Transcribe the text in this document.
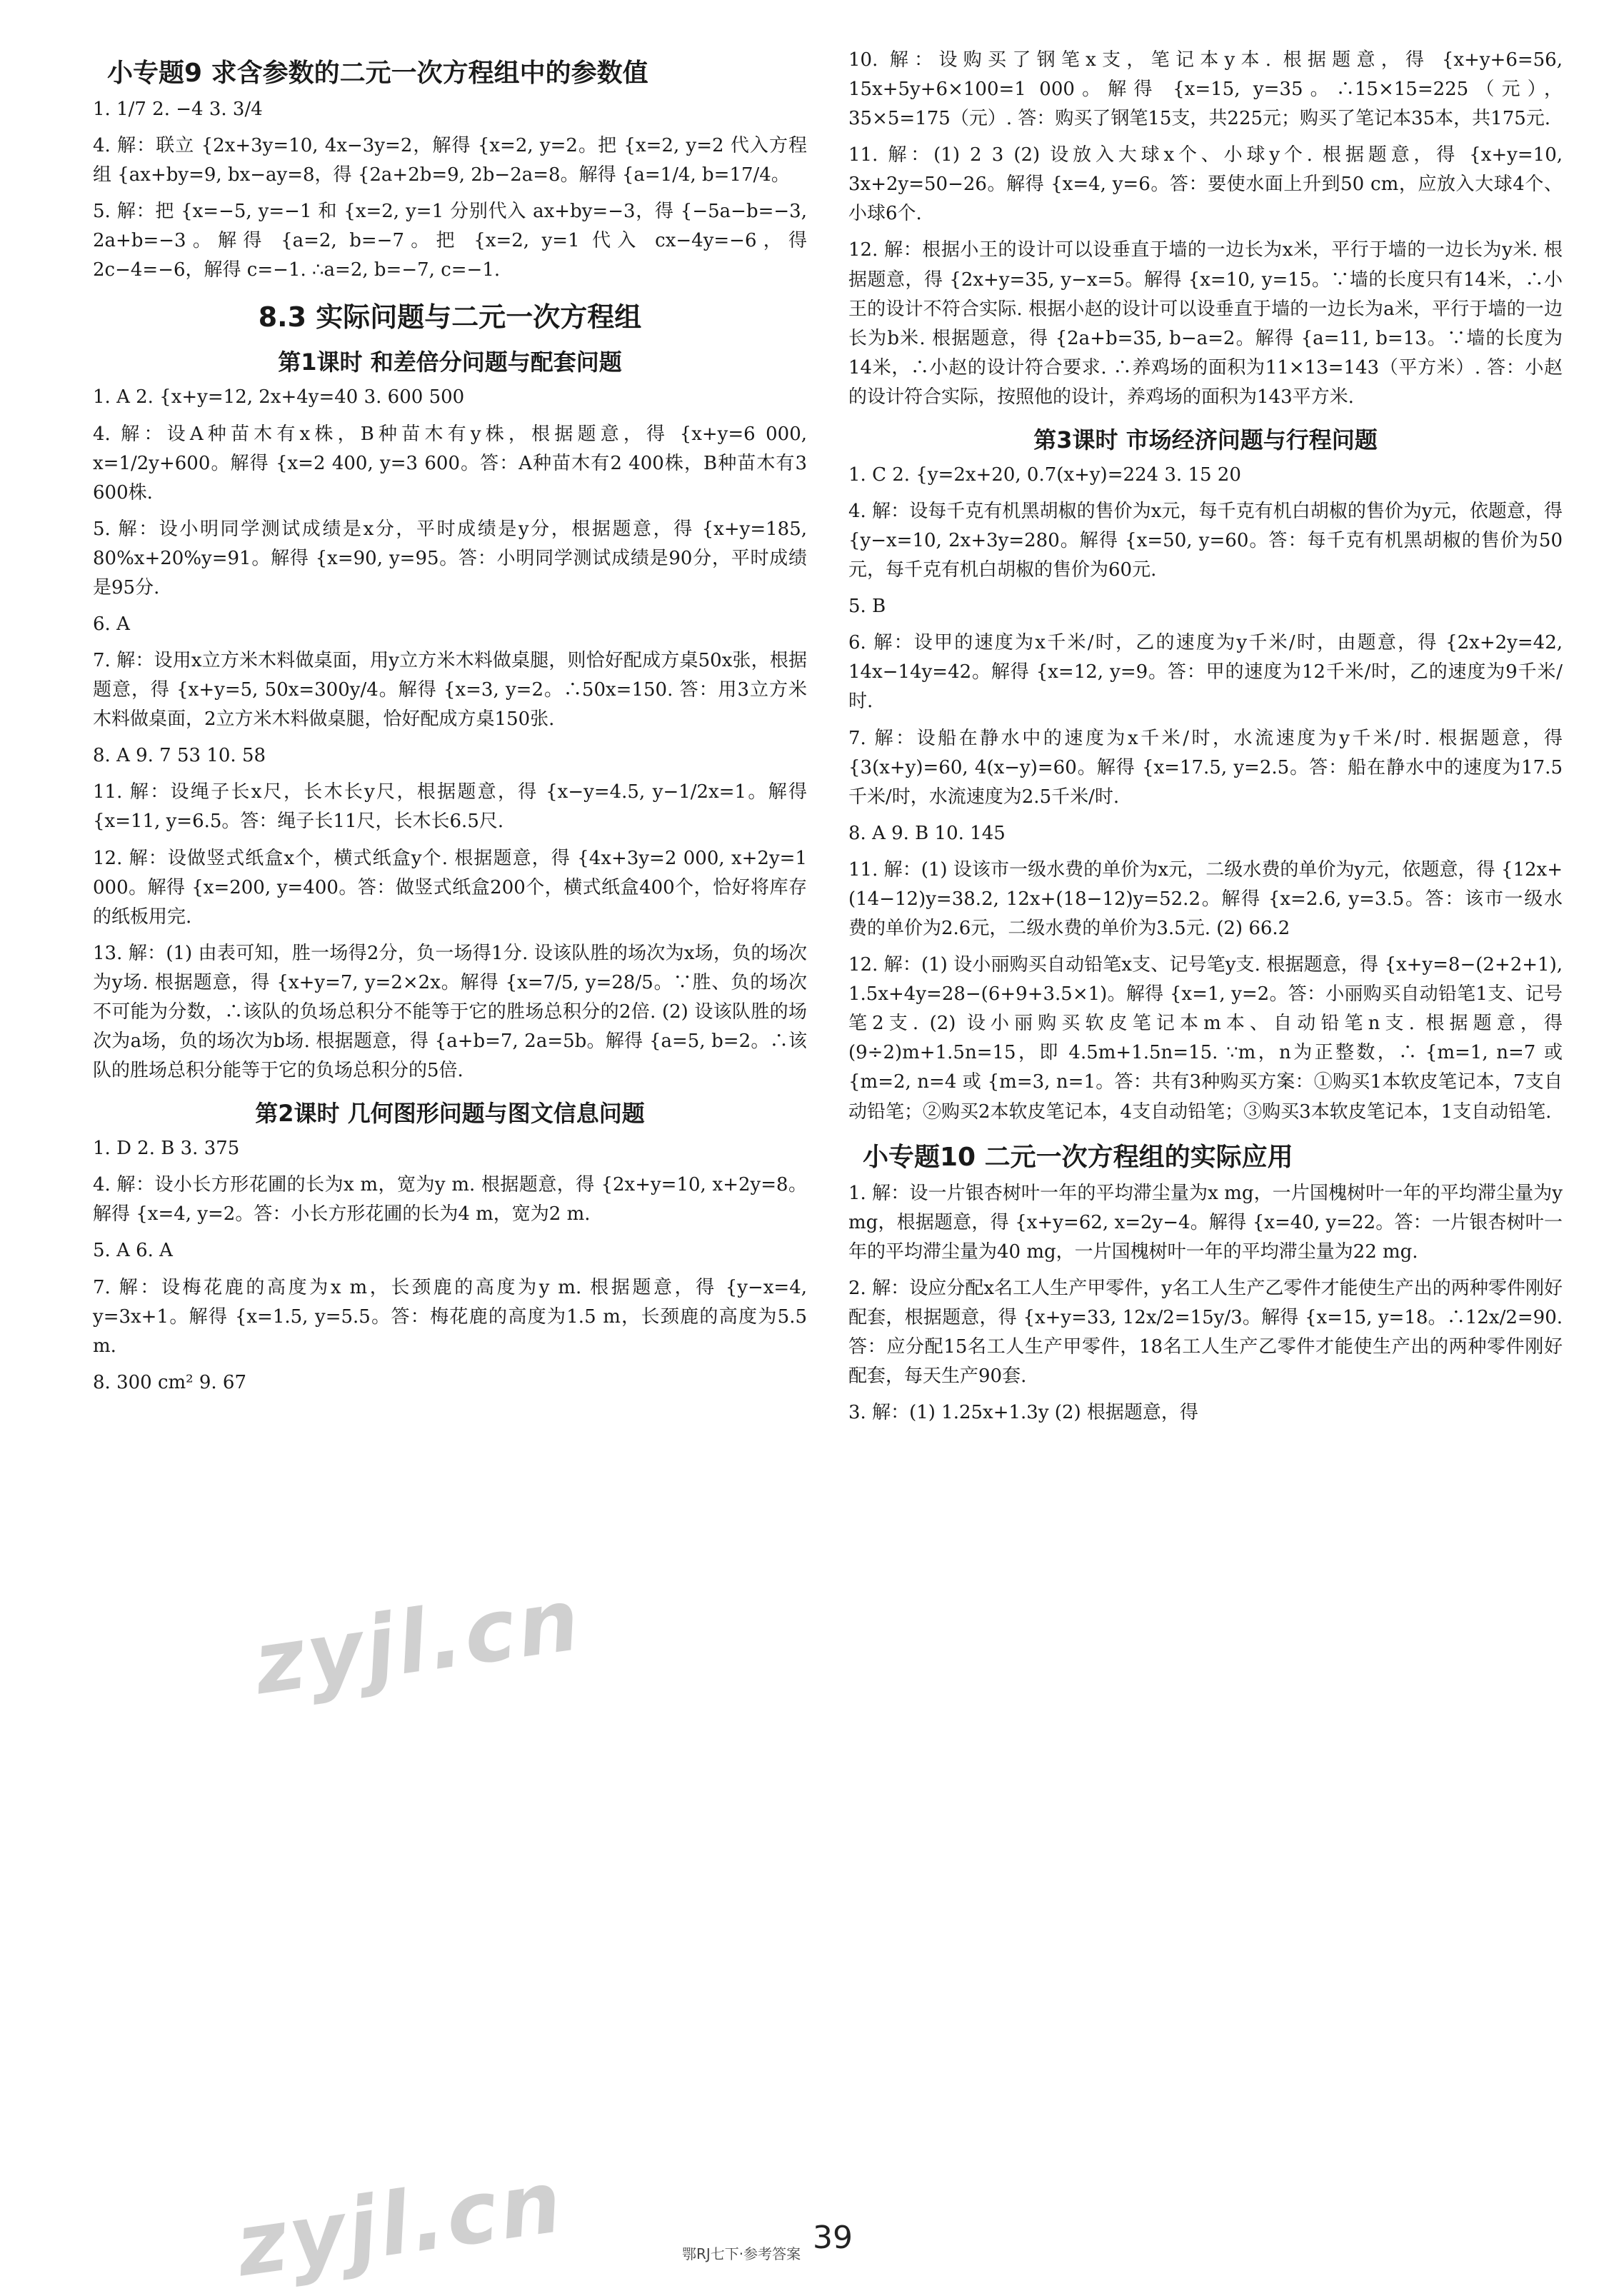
小专题9 求含参数的二元一次方程组中的参数值
1. 1/7 2. −4 3. 3/4
4. 解：联立 {2x+3y=10, 4x−3y=2，解得 {x=2, y=2。把 {x=2, y=2 代入方程组 {ax+by=9, bx−ay=8，得 {2a+2b=9, 2b−2a=8。解得 {a=1/4, b=17/4。
5. 解：把 {x=−5, y=−1 和 {x=2, y=1 分别代入 ax+by=−3，得 {−5a−b=−3, 2a+b=−3。解得 {a=2, b=−7。把 {x=2, y=1 代入 cx−4y=−6，得 2c−4=−6，解得 c=−1. ∴a=2, b=−7, c=−1.
8.3 实际问题与二元一次方程组
第1课时 和差倍分问题与配套问题
1. A 2. {x+y=12, 2x+4y=40 3. 600 500
4. 解：设A种苗木有x株，B种苗木有y株，根据题意，得 {x+y=6 000, x=1/2y+600。解得 {x=2 400, y=3 600。答：A种苗木有2 400株，B种苗木有3 600株.
5. 解：设小明同学测试成绩是x分，平时成绩是y分，根据题意，得 {x+y=185, 80%x+20%y=91。解得 {x=90, y=95。答：小明同学测试成绩是90分，平时成绩是95分.
6. A
7. 解：设用x立方米木料做桌面，用y立方米木料做桌腿，则恰好配成方桌50x张，根据题意，得 {x+y=5, 50x=300y/4。解得 {x=3, y=2。∴50x=150. 答：用3立方米木料做桌面，2立方米木料做桌腿，恰好配成方桌150张.
8. A 9. 7 53 10. 58
11. 解：设绳子长x尺，长木长y尺，根据题意，得 {x−y=4.5, y−1/2x=1。解得 {x=11, y=6.5。答：绳子长11尺，长木长6.5尺.
12. 解：设做竖式纸盒x个，横式纸盒y个. 根据题意，得 {4x+3y=2 000, x+2y=1 000。解得 {x=200, y=400。答：做竖式纸盒200个，横式纸盒400个，恰好将库存的纸板用完.
13. 解：(1) 由表可知，胜一场得2分，负一场得1分. 设该队胜的场次为x场，负的场次为y场. 根据题意，得 {x+y=7, y=2×2x。解得 {x=7/5, y=28/5。∵胜、负的场次不可能为分数，∴该队的负场总积分不能等于它的胜场总积分的2倍. (2) 设该队胜的场次为a场，负的场次为b场. 根据题意，得 {a+b=7, 2a=5b。解得 {a=5, b=2。∴该队的胜场总积分能等于它的负场总积分的5倍.
第2课时 几何图形问题与图文信息问题
1. D 2. B 3. 375
4. 解：设小长方形花圃的长为x m，宽为y m. 根据题意，得 {2x+y=10, x+2y=8。解得 {x=4, y=2。答：小长方形花圃的长为4 m，宽为2 m.
5. A 6. A
7. 解：设梅花鹿的高度为x m，长颈鹿的高度为y m. 根据题意，得 {y−x=4, y=3x+1。解得 {x=1.5, y=5.5。答：梅花鹿的高度为1.5 m，长颈鹿的高度为5.5 m.
8. 300 cm² 9. 67
10. 解：设购买了钢笔x支，笔记本y本. 根据题意，得 {x+y+6=56, 15x+5y+6×100=1 000。解得 {x=15, y=35。∴15×15=225（元），35×5=175（元）. 答：购买了钢笔15支，共225元；购买了笔记本35本，共175元.
11. 解：(1) 2 3 (2) 设放入大球x个、小球y个. 根据题意，得 {x+y=10, 3x+2y=50−26。解得 {x=4, y=6。答：要使水面上升到50 cm，应放入大球4个、小球6个.
12. 解：根据小王的设计可以设垂直于墙的一边长为x米，平行于墙的一边长为y米. 根据题意，得 {2x+y=35, y−x=5。解得 {x=10, y=15。∵墙的长度只有14米，∴小王的设计不符合实际. 根据小赵的设计可以设垂直于墙的一边长为a米，平行于墙的一边长为b米. 根据题意，得 {2a+b=35, b−a=2。解得 {a=11, b=13。∵墙的长度为14米，∴小赵的设计符合要求. ∴养鸡场的面积为11×13=143（平方米）. 答：小赵的设计符合实际，按照他的设计，养鸡场的面积为143平方米.
第3课时 市场经济问题与行程问题
1. C 2. {y=2x+20, 0.7(x+y)=224 3. 15 20
4. 解：设每千克有机黑胡椒的售价为x元，每千克有机白胡椒的售价为y元，依题意，得 {y−x=10, 2x+3y=280。解得 {x=50, y=60。答：每千克有机黑胡椒的售价为50元，每千克有机白胡椒的售价为60元.
5. B
6. 解：设甲的速度为x千米/时，乙的速度为y千米/时，由题意，得 {2x+2y=42, 14x−14y=42。解得 {x=12, y=9。答：甲的速度为12千米/时，乙的速度为9千米/时.
7. 解：设船在静水中的速度为x千米/时，水流速度为y千米/时. 根据题意，得 {3(x+y)=60, 4(x−y)=60。解得 {x=17.5, y=2.5。答：船在静水中的速度为17.5千米/时，水流速度为2.5千米/时.
8. A 9. B 10. 145
11. 解：(1) 设该市一级水费的单价为x元，二级水费的单价为y元，依题意，得 {12x+(14−12)y=38.2, 12x+(18−12)y=52.2。解得 {x=2.6, y=3.5。答：该市一级水费的单价为2.6元，二级水费的单价为3.5元. (2) 66.2
12. 解：(1) 设小丽购买自动铅笔x支、记号笔y支. 根据题意，得 {x+y=8−(2+2+1), 1.5x+4y=28−(6+9+3.5×1)。解得 {x=1, y=2。答：小丽购买自动铅笔1支、记号笔2支. (2) 设小丽购买软皮笔记本m本、自动铅笔n支. 根据题意，得 (9÷2)m+1.5n=15，即 4.5m+1.5n=15. ∵m，n为正整数，∴ {m=1, n=7 或 {m=2, n=4 或 {m=3, n=1。答：共有3种购买方案：①购买1本软皮笔记本，7支自动铅笔；②购买2本软皮笔记本，4支自动铅笔；③购买3本软皮笔记本，1支自动铅笔.
小专题10 二元一次方程组的实际应用
1. 解：设一片银杏树叶一年的平均滞尘量为x mg，一片国槐树叶一年的平均滞尘量为y mg，根据题意，得 {x+y=62, x=2y−4。解得 {x=40, y=22。答：一片银杏树叶一年的平均滞尘量为40 mg，一片国槐树叶一年的平均滞尘量为22 mg.
2. 解：设应分配x名工人生产甲零件，y名工人生产乙零件才能使生产出的两种零件刚好配套，根据题意，得 {x+y=33, 12x/2=15y/3。解得 {x=15, y=18。∴12x/2=90. 答：应分配15名工人生产甲零件，18名工人生产乙零件才能使生产出的两种零件刚好配套，每天生产90套.
3. 解：(1) 1.25x+1.3y (2) 根据题意，得
zyjl.cn
zyjl.cn	鄂RJ七下·参考答案 39
